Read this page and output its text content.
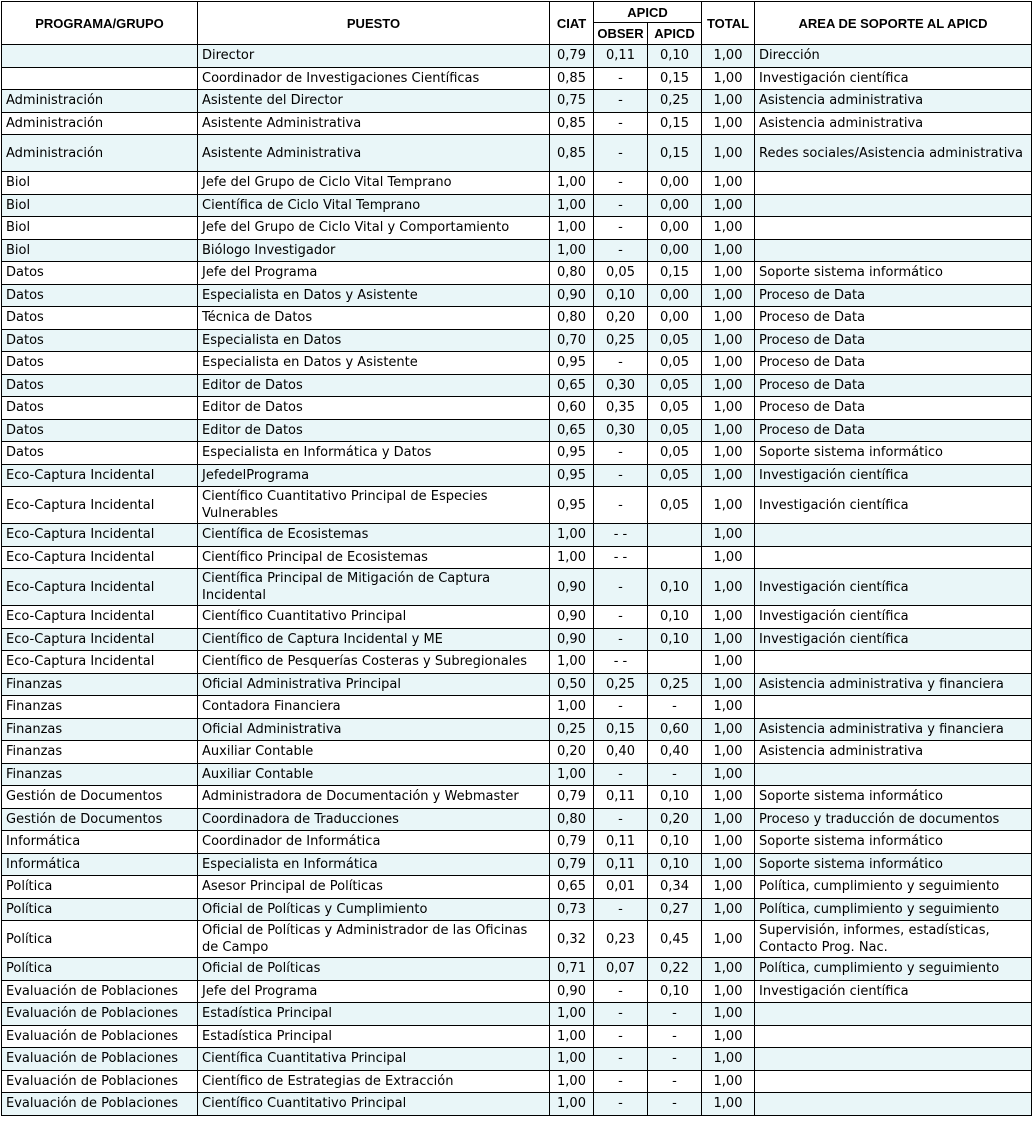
PROGRAMA/GRUPO	PUESTO	CIAT	APICD		TOTAL	AREA DE SOPORTE AL APICD
			OBSER	APICD		
	Director	0,79	0,11	0,10	1,00	Dirección
	Coordinador de Investigaciones Científicas	0,85	-	0,15	1,00	Investigación científica
Administración	Asistente del Director	0,75	-	0,25	1,00	Asistencia administrativa
Administración	Asistente Administrativa	0,85	-	0,15	1,00	Asistencia administrativa
Administración	Asistente Administrativa	0,85	-	0,15	1,00	Redes sociales/Asistencia administrativa
Biol	Jefe del Grupo de Ciclo Vital Temprano	1,00	-	0,00	1,00	
Biol	Científica de Ciclo Vital Temprano	1,00	-	0,00	1,00	
Biol	Jefe del Grupo de Ciclo Vital y Comportamiento	1,00	-	0,00	1,00	
Biol	Biólogo Investigador	1,00	-	0,00	1,00	
Datos	Jefe del Programa	0,80	0,05	0,15	1,00	Soporte sistema informático
Datos	Especialista en Datos y Asistente	0,90	0,10	0,00	1,00	Proceso de Data
Datos	Técnica de Datos	0,80	0,20	0,00	1,00	Proceso de Data
Datos	Especialista en Datos	0,70	0,25	0,05	1,00	Proceso de Data
Datos	Especialista en Datos y Asistente	0,95	-	0,05	1,00	Proceso de Data
Datos	Editor de Datos	0,65	0,30	0,05	1,00	Proceso de Data
Datos	Editor de Datos	0,60	0,35	0,05	1,00	Proceso de Data
Datos	Editor de Datos	0,65	0,30	0,05	1,00	Proceso de Data
Datos	Especialista en Informática y Datos	0,95	-	0,05	1,00	Soporte sistema informático
Eco-Captura Incidental	JefedelPrograma	0,95	-	0,05	1,00	Investigación científica
Eco-Captura Incidental	Científico Cuantitativo Principal de Especies Vulnerables	0,95	-	0,05	1,00	Investigación científica
Eco-Captura Incidental	Científica de Ecosistemas	1,00	- -		1,00	
Eco-Captura Incidental	Científico Principal de Ecosistemas	1,00	- -		1,00	
Eco-Captura Incidental	Científica Principal de Mitigación de Captura Incidental	0,90	-	0,10	1,00	Investigación científica
Eco-Captura Incidental	Científico Cuantitativo Principal	0,90	-	0,10	1,00	Investigación científica
Eco-Captura Incidental	Científico de Captura Incidental y ME	0,90	-	0,10	1,00	Investigación científica
Eco-Captura Incidental	Científico de Pesquerías Costeras y Subregionales	1,00	- -		1,00	
Finanzas	Oficial Administrativa Principal	0,50	0,25	0,25	1,00	Asistencia administrativa y financiera
Finanzas	Contadora Financiera	1,00	-	-	1,00	
Finanzas	Oficial Administrativa	0,25	0,15	0,60	1,00	Asistencia administrativa y financiera
Finanzas	Auxiliar Contable	0,20	0,40	0,40	1,00	Asistencia administrativa
Finanzas	Auxiliar Contable	1,00	-	-	1,00	
Gestión de Documentos	Administradora de Documentación y Webmaster	0,79	0,11	0,10	1,00	Soporte sistema informático
Gestión de Documentos	Coordinadora de Traducciones	0,80	-	0,20	1,00	Proceso y traducción de documentos
Informática	Coordinador de Informática	0,79	0,11	0,10	1,00	Soporte sistema informático
Informática	Especialista en Informática	0,79	0,11	0,10	1,00	Soporte sistema informático
Política	Asesor Principal de Políticas	0,65	0,01	0,34	1,00	Política, cumplimiento y seguimiento
Política	Oficial de Políticas y Cumplimiento	0,73	-	0,27	1,00	Política, cumplimiento y seguimiento
Política	Oficial de Políticas y Administrador de las Oficinas de Campo	0,32	0,23	0,45	1,00	Supervisión, informes, estadísticas, Contacto Prog. Nac.
Política	Oficial de Políticas	0,71	0,07	0,22	1,00	Política, cumplimiento y seguimiento
Evaluación de Poblaciones	Jefe del Programa	0,90	-	0,10	1,00	Investigación científica
Evaluación de Poblaciones	Estadística Principal	1,00	-	-	1,00	
Evaluación de Poblaciones	Estadística Principal	1,00	-	-	1,00	
Evaluación de Poblaciones	Científica Cuantitativa Principal	1,00	-	-	1,00	
Evaluación de Poblaciones	Científico de Estrategias de Extracción	1,00	-	-	1,00	
Evaluación de Poblaciones	Científico Cuantitativo Principal	1,00	-	-	1,00	
